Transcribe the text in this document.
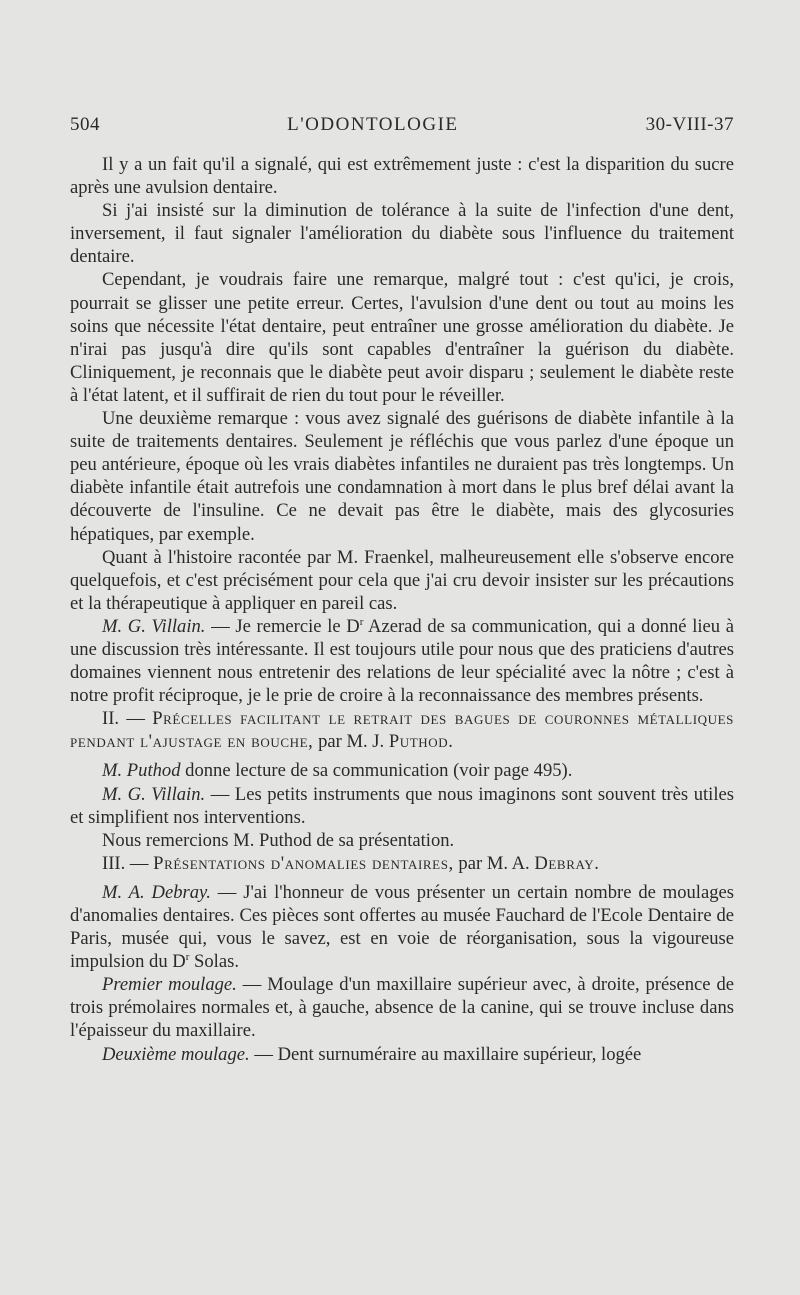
504	L'ODONTOLOGIE	30-VIII-37

Il y a un fait qu'il a signalé, qui est extrêmement juste : c'est la disparition du sucre après une avulsion dentaire.

Si j'ai insisté sur la diminution de tolérance à la suite de l'infection d'une dent, inversement, il faut signaler l'amélioration du diabète sous l'influence du traitement dentaire.

Cependant, je voudrais faire une remarque, malgré tout : c'est qu'ici, je crois, pourrait se glisser une petite erreur. Certes, l'avulsion d'une dent ou tout au moins les soins que nécessite l'état dentaire, peut entraîner une grosse amélioration du diabète. Je n'irai pas jusqu'à dire qu'ils sont capables d'entraîner la guérison du diabète. Cliniquement, je reconnais que le diabète peut avoir disparu ; seulement le diabète reste à l'état latent, et il suffirait de rien du tout pour le réveiller.

Une deuxième remarque : vous avez signalé des guérisons de diabète infantile à la suite de traitements dentaires. Seulement je réfléchis que vous parlez d'une époque un peu antérieure, époque où les vrais diabètes infantiles ne duraient pas très longtemps. Un diabète infantile était autrefois une condamnation à mort dans le plus bref délai avant la découverte de l'insuline. Ce ne devait pas être le diabète, mais des glycosuries hépatiques, par exemple.

Quant à l'histoire racontée par M. Fraenkel, malheureusement elle s'observe encore quelquefois, et c'est précisément pour cela que j'ai cru devoir insister sur les précautions et la thérapeutique à appliquer en pareil cas.

M. G. Villain. — Je remercie le $D^r$ Azerad de sa communication, qui a donné lieu à une discussion très intéressante. Il est toujours utile pour nous que des praticiens d'autres domaines viennent nous entretenir des relations de leur spécialité avec la nôtre ; c'est à notre profit réciproque, je le prie de croire à la reconnaissance des membres présents.

II. — Précelles facilitant le retrait des bagues de couronnes métalliques pendant l'ajustage en bouche, par M. J. Puthod.

M. Puthod donne lecture de sa communication (voir page 495).

M. G. Villain. — Les petits instruments que nous imaginons sont souvent très utiles et simplifient nos interventions.

Nous remercions M. Puthod de sa présentation.

III. — Présentations d'anomalies dentaires, par M. A. Debray.

M. A. Debray. — J'ai l'honneur de vous présenter un certain nombre de moulages d'anomalies dentaires. Ces pièces sont offertes au musée Fauchard de l'Ecole Dentaire de Paris, musée qui, vous le savez, est en voie de réorganisation, sous la vigoureuse impulsion du $D^r$ Solas.

Premier moulage. — Moulage d'un maxillaire supérieur avec, à droite, présence de trois prémolaires normales et, à gauche, absence de la canine, qui se trouve incluse dans l'épaisseur du maxillaire.

Deuxième moulage. — Dent surnuméraire au maxillaire supérieur, logée
